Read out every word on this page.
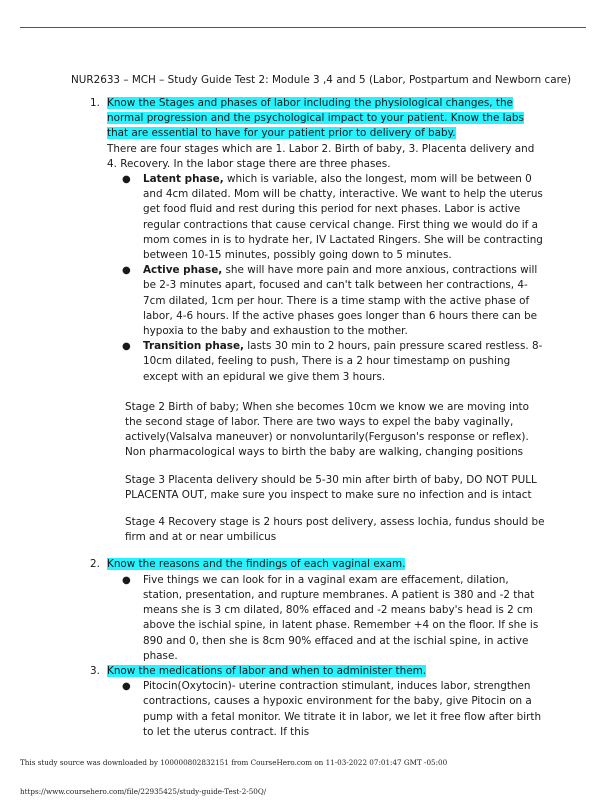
NUR2633 – MCH – Study Guide Test 2: Module 3 ,4 and 5 (Labor, Postpartum and Newborn care)
1. Know the Stages and phases of labor including the physiological changes, the normal progression and the psychological impact to your patient. Know the labs that are essential to have for your patient prior to delivery of baby.
There are four stages which are 1. Labor 2. Birth of baby, 3. Placenta delivery and 4. Recovery. In the labor stage there are three phases.
● Latent phase, which is variable, also the longest, mom will be between 0 and 4cm dilated. Mom will be chatty, interactive. We want to help the uterus get food fluid and rest during this period for next phases. Labor is active regular contractions that cause cervical change. First thing we would do if a mom comes in is to hydrate her, IV Lactated Ringers. She will be contracting between 10-15 minutes, possibly going down to 5 minutes.
● Active phase, she will have more pain and more anxious, contractions will be 2-3 minutes apart, focused and can't talk between her contractions, 4-7cm dilated, 1cm per hour. There is a time stamp with the active phase of labor, 4-6 hours. If the active phases goes longer than 6 hours there can be hypoxia to the baby and exhaustion to the mother.
● Transition phase, lasts 30 min to 2 hours, pain pressure scared restless. 8-10cm dilated, feeling to push, There is a 2 hour timestamp on pushing except with an epidural we give them 3 hours.
Stage 2 Birth of baby; When she becomes 10cm we know we are moving into the second stage of labor. There are two ways to expel the baby vaginally, actively(Valsalva maneuver) or nonvoluntarily(Ferguson's response or reflex). Non pharmacological ways to birth the baby are walking, changing positions
Stage 3 Placenta delivery should be 5-30 min after birth of baby, DO NOT PULL PLACENTA OUT, make sure you inspect to make sure no infection and is intact
Stage 4 Recovery stage is 2 hours post delivery, assess lochia, fundus should be firm and at or near umbilicus
2. Know the reasons and the findings of each vaginal exam.
● Five things we can look for in a vaginal exam are effacement, dilation, station, presentation, and rupture membranes. A patient is 380 and -2 that means she is 3 cm dilated, 80% effaced and -2 means baby's head is 2 cm above the ischial spine, in latent phase. Remember +4 on the floor. If she is 890 and 0, then she is 8cm 90% effaced and at the ischial spine, in active phase.
3. Know the medications of labor and when to administer them.
● Pitocin(Oxytocin)- uterine contraction stimulant, induces labor, strengthen contractions, causes a hypoxic environment for the baby, give Pitocin on a pump with a fetal monitor. We titrate it in labor, we let it free flow after birth to let the uterus contract. If this
This study source was downloaded by 100000802832151 from CourseHero.com on 11-03-2022 07:01:47 GMT -05:00
https://www.coursehero.com/file/22935425/study-guide-Test-2-50Q/
